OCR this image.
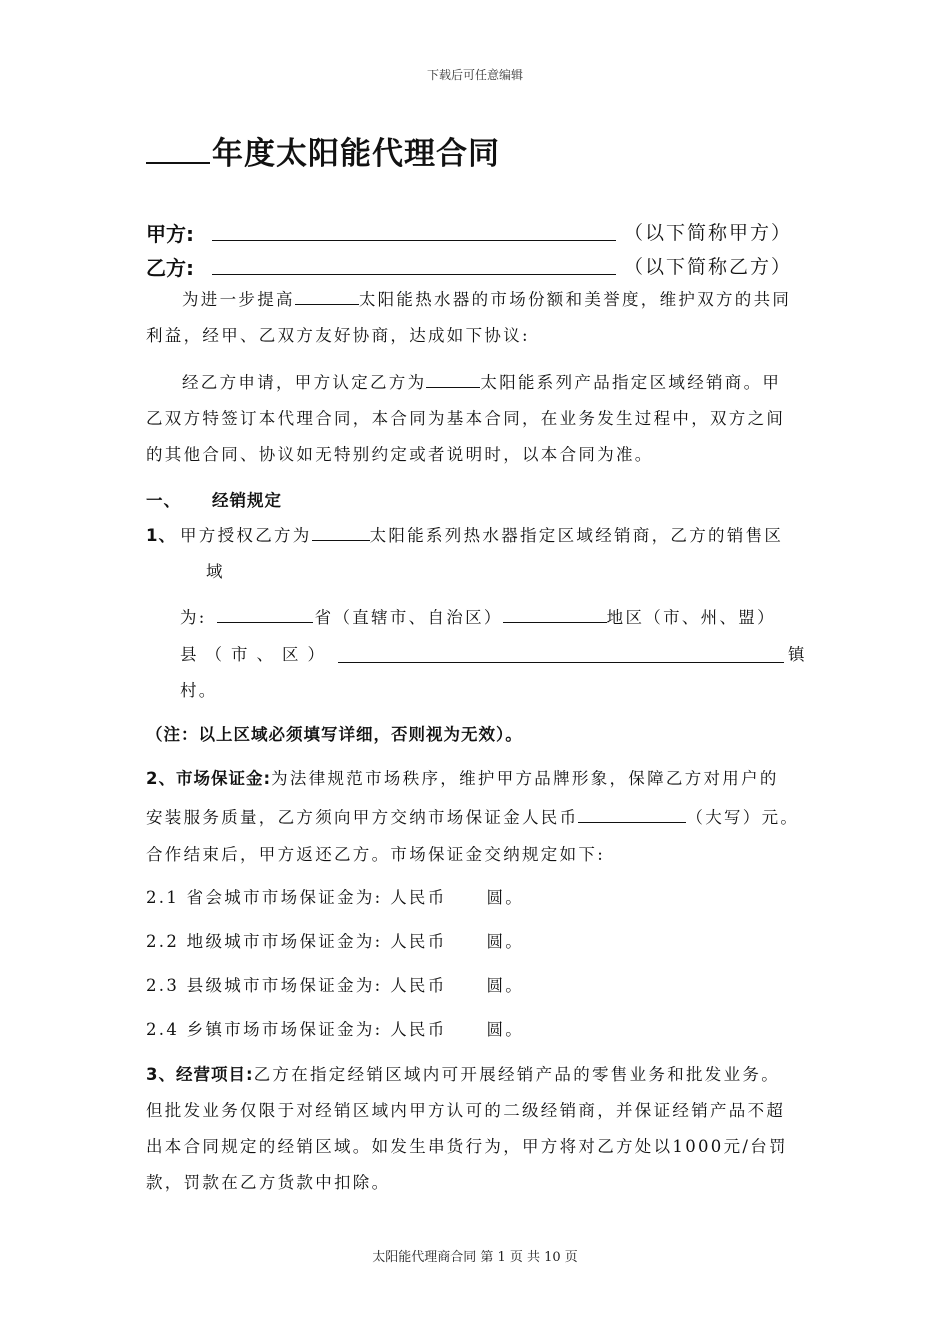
下载后可任意编辑
年度太阳能代理合同
甲方:	（以下简称甲方）
乙方:	（以下简称乙方）
为进一步提高	太阳能热水器的市场份额和美誉度，维护双方的共同
利益，经甲、乙双方友好协商，达成如下协议:
经乙方申请，甲方认定乙方为	太阳能系列产品指定区域经销商。甲
乙双方特签订本代理合同，本合同为基本合同，在业务发生过程中，双方之间
的其他合同、协议如无特别约定或者说明时，以本合同为准。
一、 经销规定
1、 甲方授权乙方为	太阳能系列热水器指定区域经销商，乙方的销售区
域
为:	省（直辖市、自治区）	地区（市、州、盟）
县（市、区）	镇
村。
（注：以上区域必须填写详细，否则视为无效）。
2、市场保证金:为法律规范市场秩序，维护甲方品牌形象，保障乙方对用户的
安装服务质量，乙方须向甲方交纳市场保证金人民币	（大写）元。
合作结束后，甲方返还乙方。市场保证金交纳规定如下:
2.1 省会城市市场保证金为: 人民币 圆。
2.2 地级城市市场保证金为: 人民币 圆。
2.3 县级城市市场保证金为: 人民币 圆。
2.4 乡镇市场市场保证金为: 人民币 圆。
3、经营项目:乙方在指定经销区域内可开展经销产品的零售业务和批发业务。
但批发业务仅限于对经销区域内甲方认可的二级经销商，并保证经销产品不超
出本合同规定的经销区域。如发生串货行为，甲方将对乙方处以1000元/台罚
款，罚款在乙方货款中扣除。
太阳能代理商合同 第 1 页 共 10 页
